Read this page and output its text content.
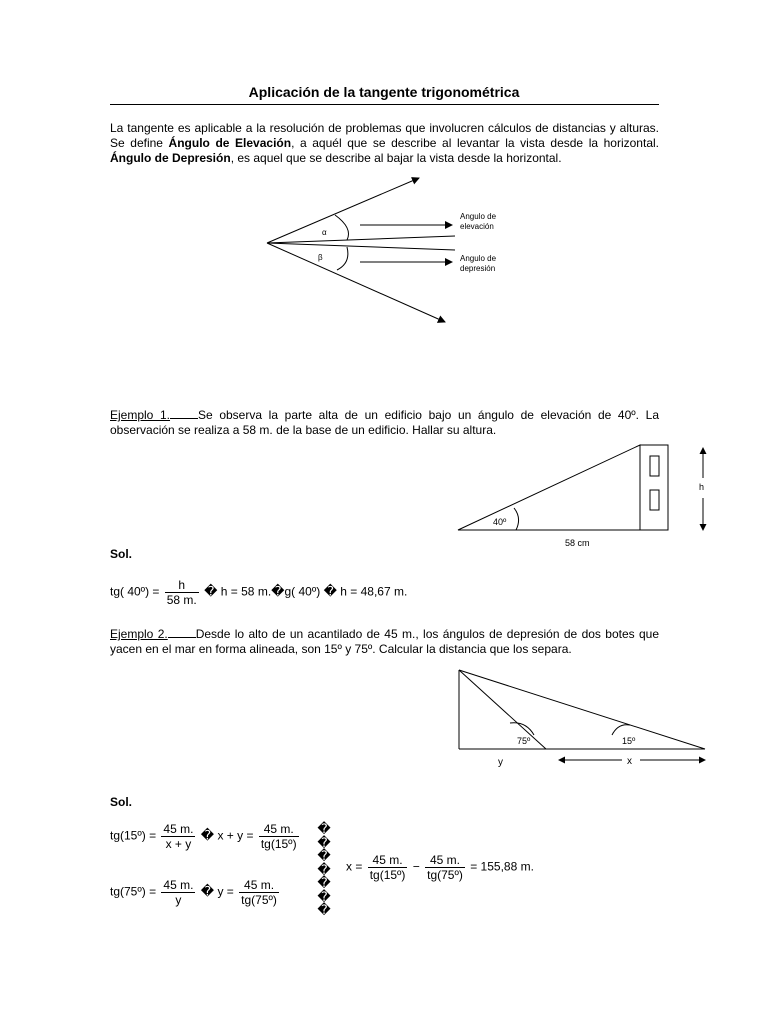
Aplicación de la tangente trigonométrica
La tangente es aplicable a la resolución de problemas que involucren cálculos de distancias y alturas. Se define Ángulo de Elevación, a aquél que se describe al levantar la vista desde la horizontal. Ángulo de Depresión, es aquel que se describe al bajar la vista desde la horizontal.
α
β
Angulo de
elevación
Angulo de
depresión
Ejemplo 1. Se observa la parte alta de un edificio bajo un ángulo de elevación de 40º. La observación se realiza a 58 m. de la base de un edificio. Hallar su altura.
40º
58 cm
h
Sol.
tg( 40º) = $\frac{h}{58 m.}$ � h = 58 m.�g( 40º) � h = 48,67 m.
Ejemplo 2. Desde lo alto de un acantilado de 45 m., los ángulos de depresión de dos botes que yacen en el mar en forma alineada, son 15º y 75º. Calcular la distancia que los separa.
75º	15º
y	x
Sol.
tg(15º) = $\frac{45 m.}{x + y}$ � $x + y = \frac{45 m.}{\text{tg(15º)}}$
tg(75º) = $\frac{45 m.}{y}$ � $y = \frac{45 m.}{\text{tg(75º)}}$
�
�
�
�
�
�
�
$x = \frac{45 m.}{\text{tg(15º)}} - \frac{45 m.}{\text{tg(75º)}} = 155,88$ m.
